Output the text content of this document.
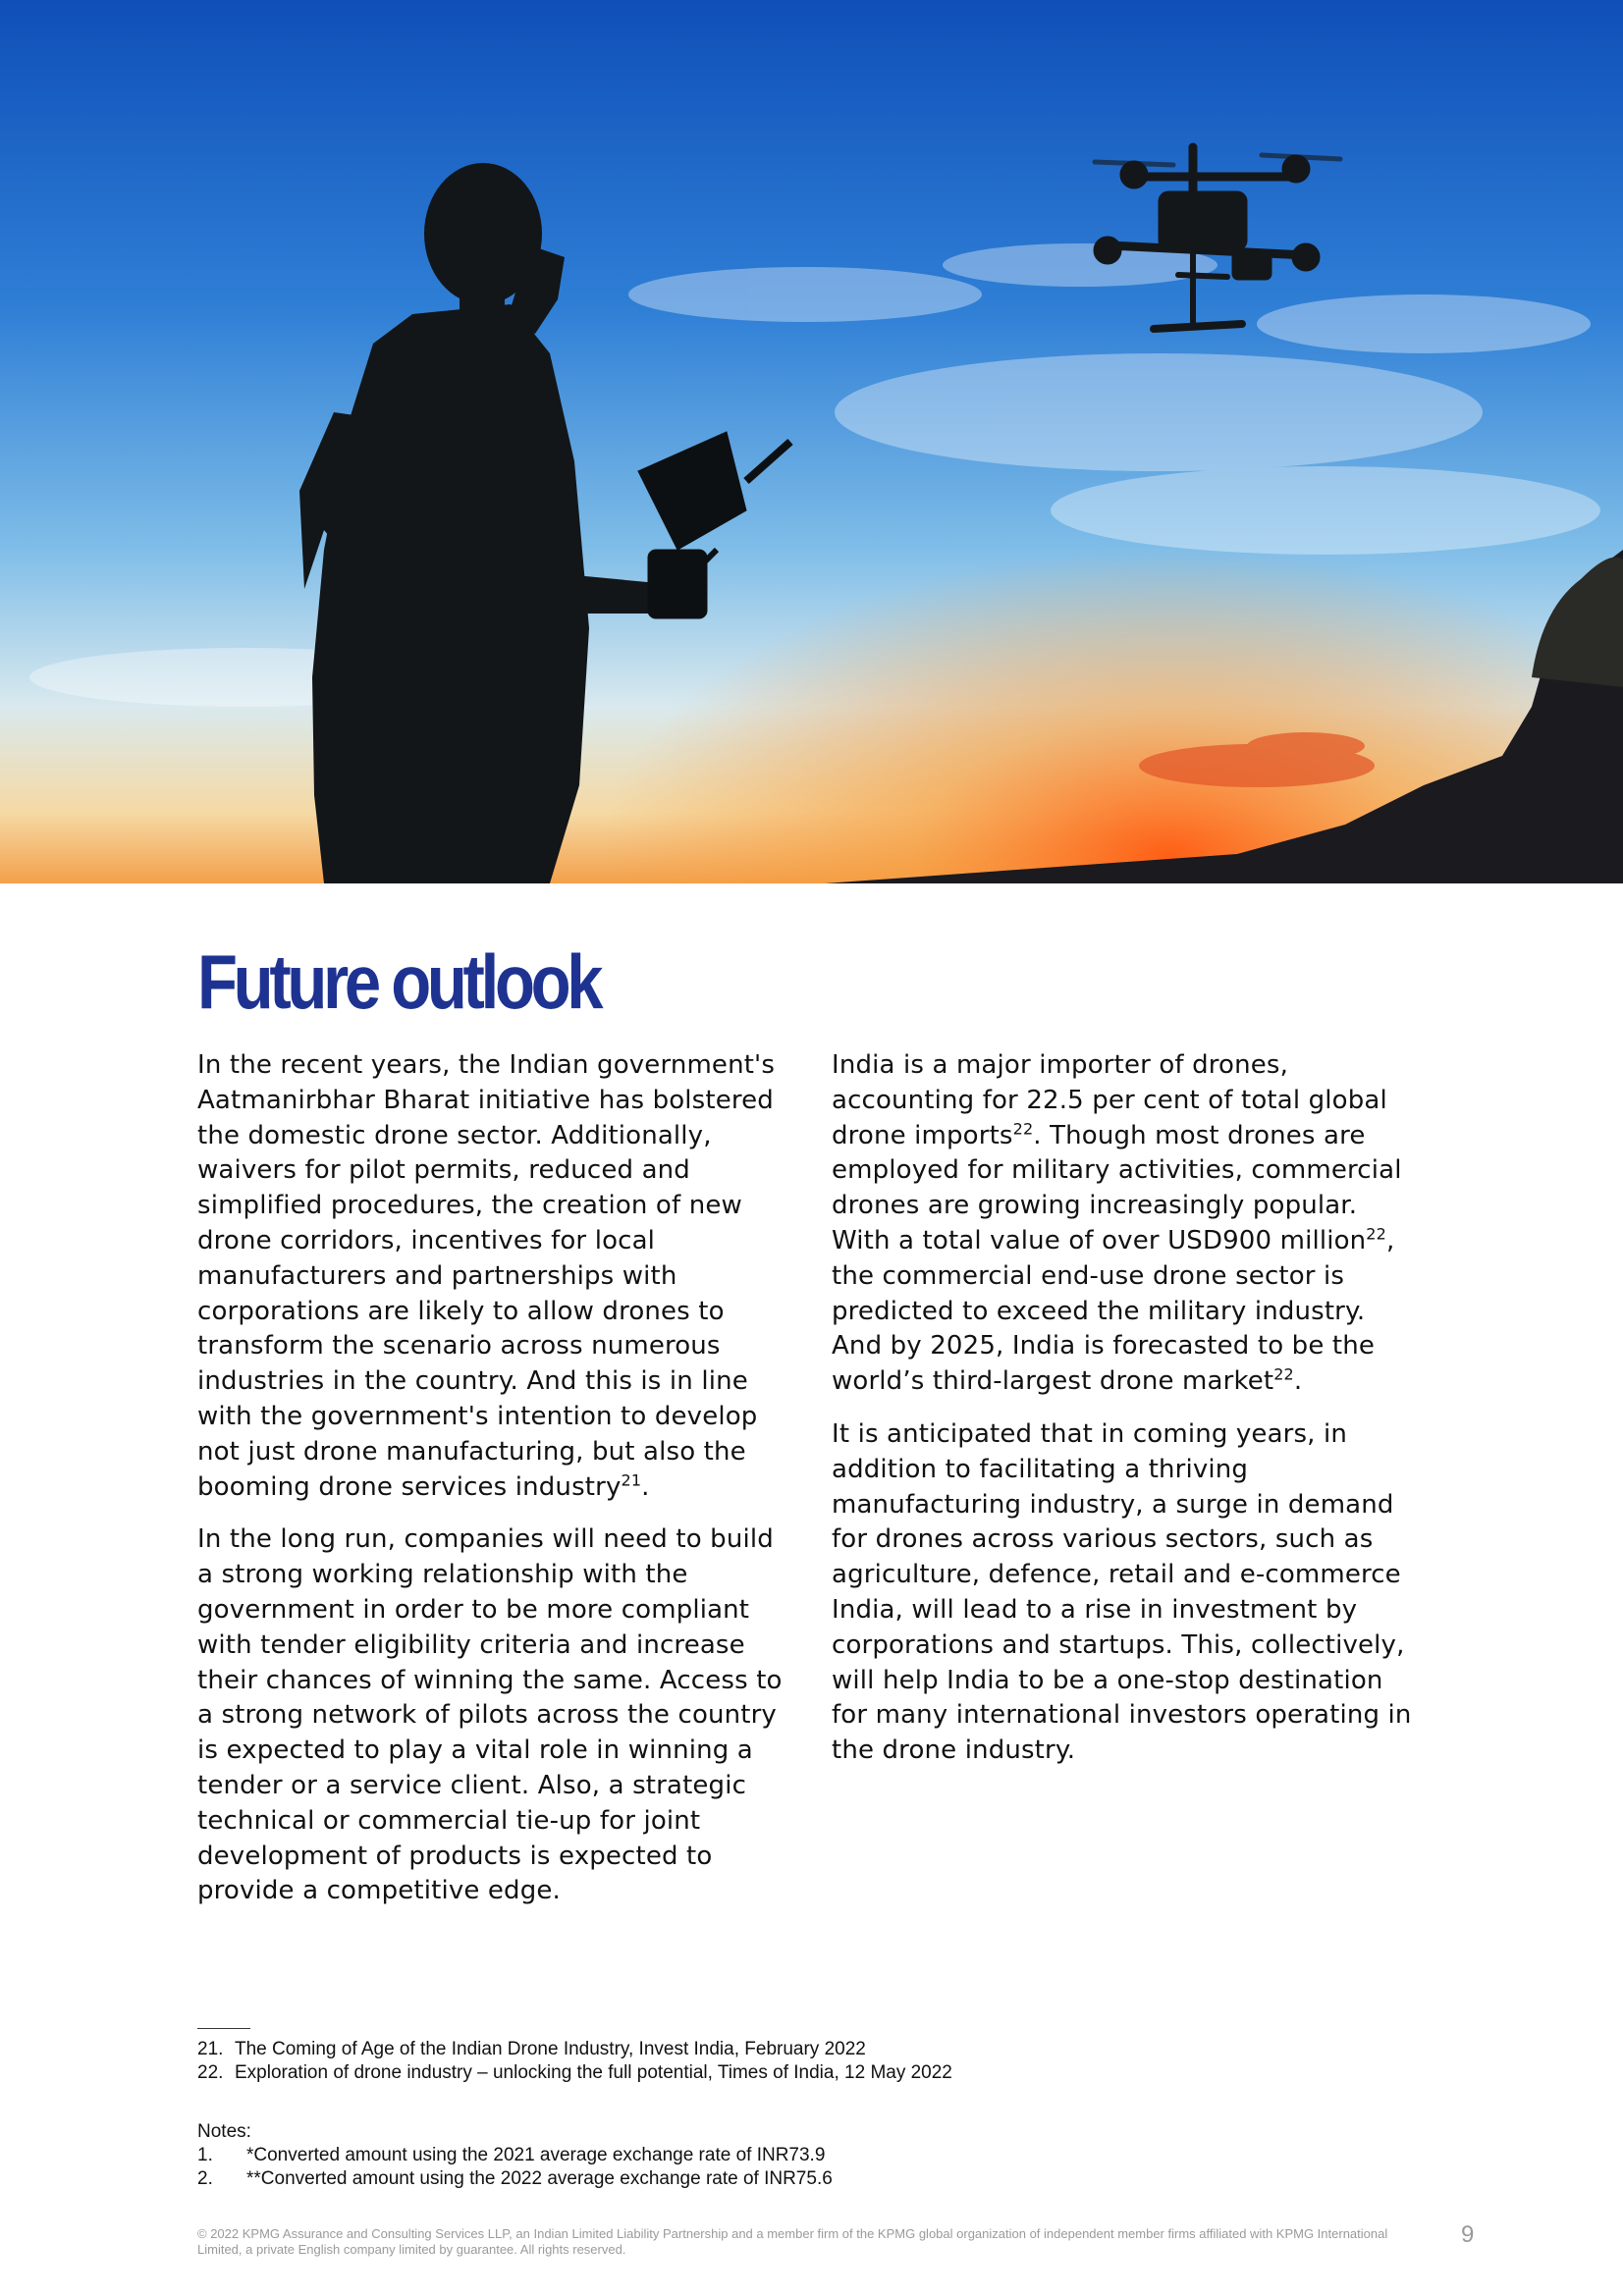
Future outlook

In the recent years, the Indian government's Aatmanirbhar Bharat initiative has bolstered the domestic drone sector. Additionally, waivers for pilot permits, reduced and simplified procedures, the creation of new drone corridors, incentives for local manufacturers and partnerships with corporations are likely to allow drones to transform the scenario across numerous industries in the country. And this is in line with the government's intention to develop not just drone manufacturing, but also the booming drone services industry$^{21}$.

In the long run, companies will need to build a strong working relationship with the government in order to be more compliant with tender eligibility criteria and increase their chances of winning the same. Access to a strong network of pilots across the country is expected to play a vital role in winning a tender or a service client. Also, a strategic technical or commercial tie-up for joint development of products is expected to provide a competitive edge.

India is a major importer of drones, accounting for 22.5 per cent of total global drone imports$^{22}$. Though most drones are employed for military activities, commercial drones are growing increasingly popular. With a total value of over USD900 million$^{22}$, the commercial end-use drone sector is predicted to exceed the military industry. And by 2025, India is forecasted to be the world’s third-largest drone market$^{22}$.

It is anticipated that in coming years, in addition to facilitating a thriving manufacturing industry, a surge in demand for drones across various sectors, such as agriculture, defence, retail and e-commerce India, will lead to a rise in investment by corporations and startups. This, collectively, will help India to be a one-stop destination for many international investors operating in the drone industry.

21. The Coming of Age of the Indian Drone Industry, Invest India, February 2022
22. Exploration of drone industry – unlocking the full potential, Times of India, 12 May 2022
Notes:
1. *Converted amount using the 2021 average exchange rate of INR73.9
2. **Converted amount using the 2022 average exchange rate of INR75.6
© 2022 KPMG Assurance and Consulting Services LLP, an Indian Limited Liability Partnership and a member firm of the KPMG global organization of independent member firms affiliated with KPMG International Limited, a private English company limited by guarantee. All rights reserved.
9
